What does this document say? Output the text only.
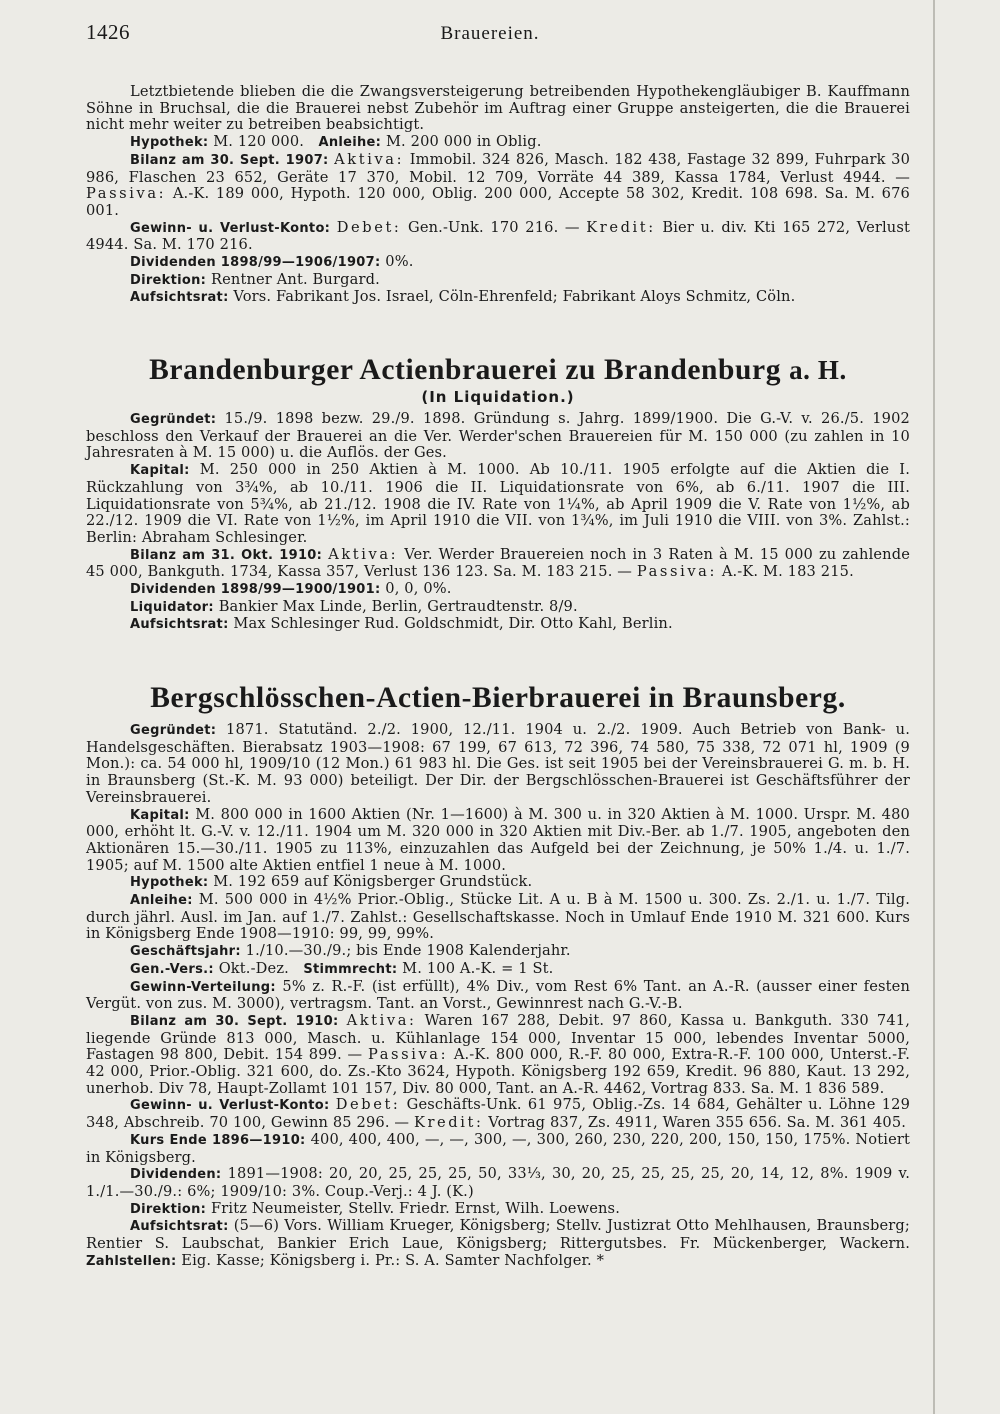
1426	Brauereien.

Letztbietende blieben die die Zwangsversteigerung betreibenden Hypothekengläubiger B. Kauffmann Söhne in Bruchsal, die die Brauerei nebst Zubehör im Auftrag einer Gruppe ansteigerten, die die Brauerei nicht mehr weiter zu betreiben beabsichtigt.

Hypothek: M. 120 000. Anleihe: M. 200 000 in Oblig.

Bilanz am 30. Sept. 1907: Aktiva: Immobil. 324 826, Masch. 182 438, Fastage 32 899, Fuhrpark 30 986, Flaschen 23 652, Geräte 17 370, Mobil. 12 709, Vorräte 44 389, Kassa 1784, Verlust 4944. — Passiva: A.-K. 189 000, Hypoth. 120 000, Oblig. 200 000, Accepte 58 302, Kredit. 108 698. Sa. M. 676 001.

Gewinn- u. Verlust-Konto: Debet: Gen.-Unk. 170 216. — Kredit: Bier u. div. Kti 165 272, Verlust 4944. Sa. M. 170 216.

Dividenden 1898/99—1906/1907: 0%.

Direktion: Rentner Ant. Burgard.

Aufsichtsrat: Vors. Fabrikant Jos. Israel, Cöln-Ehrenfeld; Fabrikant Aloys Schmitz, Cöln.

Brandenburger Actienbrauerei zu Brandenburg a. H.
(In Liquidation.)

Gegründet: 15./9. 1898 bezw. 29./9. 1898. Gründung s. Jahrg. 1899/1900. Die G.-V. v. 26./5. 1902 beschloss den Verkauf der Brauerei an die Ver. Werder'schen Brauereien für M. 150 000 (zu zahlen in 10 Jahresraten à M. 15 000) u. die Auflös. der Ges.

Kapital: M. 250 000 in 250 Aktien à M. 1000. Ab 10./11. 1905 erfolgte auf die Aktien die I. Rückzahlung von 3¾%, ab 10./11. 1906 die II. Liquidationsrate von 6%, ab 6./11. 1907 die III. Liquidationsrate von 5¾%, ab 21./12. 1908 die IV. Rate von 1¼%, ab April 1909 die V. Rate von 1½%, ab 22./12. 1909 die VI. Rate von 1½%, im April 1910 die VII. von 1¾%, im Juli 1910 die VIII. von 3%. Zahlst.: Berlin: Abraham Schlesinger.

Bilanz am 31. Okt. 1910: Aktiva: Ver. Werder Brauereien noch in 3 Raten à M. 15 000 zu zahlende 45 000, Bankguth. 1734, Kassa 357, Verlust 136 123. Sa. M. 183 215. — Passiva: A.-K. M. 183 215.

Dividenden 1898/99—1900/1901: 0, 0, 0%.

Liquidator: Bankier Max Linde, Berlin, Gertraudtenstr. 8/9.

Aufsichtsrat: Max Schlesinger Rud. Goldschmidt, Dir. Otto Kahl, Berlin.

Bergschlösschen-Actien-Bierbrauerei in Braunsberg.

Gegründet: 1871. Statutänd. 2./2. 1900, 12./11. 1904 u. 2./2. 1909. Auch Betrieb von Bank- u. Handelsgeschäften. Bierabsatz 1903—1908: 67 199, 67 613, 72 396, 74 580, 75 338, 72 071 hl, 1909 (9 Mon.): ca. 54 000 hl, 1909/10 (12 Mon.) 61 983 hl. Die Ges. ist seit 1905 bei der Vereinsbrauerei G. m. b. H. in Braunsberg (St.-K. M. 93 000) beteiligt. Der Dir. der Bergschlösschen-Brauerei ist Geschäftsführer der Vereinsbrauerei.

Kapital: M. 800 000 in 1600 Aktien (Nr. 1—1600) à M. 300 u. in 320 Aktien à M. 1000. Urspr. M. 480 000, erhöht lt. G.-V. v. 12./11. 1904 um M. 320 000 in 320 Aktien mit Div.-Ber. ab 1./7. 1905, angeboten den Aktionären 15.—30./11. 1905 zu 113%, einzuzahlen das Aufgeld bei der Zeichnung, je 50% 1./4. u. 1./7. 1905; auf M. 1500 alte Aktien entfiel 1 neue à M. 1000.

Hypothek: M. 192 659 auf Königsberger Grundstück.

Anleihe: M. 500 000 in 4½% Prior.-Oblig., Stücke Lit. A u. B à M. 1500 u. 300. Zs. 2./1. u. 1./7. Tilg. durch jährl. Ausl. im Jan. auf 1./7. Zahlst.: Gesellschaftskasse. Noch in Umlauf Ende 1910 M. 321 600. Kurs in Königsberg Ende 1908—1910: 99, 99, 99%.

Geschäftsjahr: 1./10.—30./9.; bis Ende 1908 Kalenderjahr.

Gen.-Vers.: Okt.-Dez. Stimmrecht: M. 100 A.-K. = 1 St.

Gewinn-Verteilung: 5% z. R.-F. (ist erfüllt), 4% Div., vom Rest 6% Tant. an A.-R. (ausser einer festen Vergüt. von zus. M. 3000), vertragsm. Tant. an Vorst., Gewinnrest nach G.-V.-B.

Bilanz am 30. Sept. 1910: Aktiva: Waren 167 288, Debit. 97 860, Kassa u. Bankguth. 330 741, liegende Gründe 813 000, Masch. u. Kühlanlage 154 000, Inventar 15 000, lebendes Inventar 5000, Fastagen 98 800, Debit. 154 899. — Passiva: A.-K. 800 000, R.-F. 80 000, Extra-R.-F. 100 000, Unterst.-F. 42 000, Prior.-Oblig. 321 600, do. Zs.-Kto 3624, Hypoth. Königsberg 192 659, Kredit. 96 880, Kaut. 13 292, unerhob. Div 78, Haupt-Zollamt 101 157, Div. 80 000, Tant. an A.-R. 4462, Vortrag 833. Sa. M. 1 836 589.

Gewinn- u. Verlust-Konto: Debet: Geschäfts-Unk. 61 975, Oblig.-Zs. 14 684, Gehälter u. Löhne 129 348, Abschreib. 70 100, Gewinn 85 296. — Kredit: Vortrag 837, Zs. 4911, Waren 355 656. Sa. M. 361 405.

Kurs Ende 1896—1910: 400, 400, 400, —, —, 300, —, 300, 260, 230, 220, 200, 150, 150, 175%. Notiert in Königsberg.

Dividenden: 1891—1908: 20, 20, 25, 25, 25, 50, 33⅓, 30, 20, 25, 25, 25, 25, 20, 14, 12, 8%. 1909 v. 1./1.—30./9.: 6%; 1909/10: 3%. Coup.-Verj.: 4 J. (K.)

Direktion: Fritz Neumeister, Stellv. Friedr. Ernst, Wilh. Loewens.

Aufsichtsrat: (5—6) Vors. William Krueger, Königsberg; Stellv. Justizrat Otto Mehlhausen, Braunsberg; Rentier S. Laubschat, Bankier Erich Laue, Königsberg; Rittergutsbes. Fr. Mückenberger, Wackern. Zahlstellen: Eig. Kasse; Königsberg i. Pr.: S. A. Samter Nachfolger. *
